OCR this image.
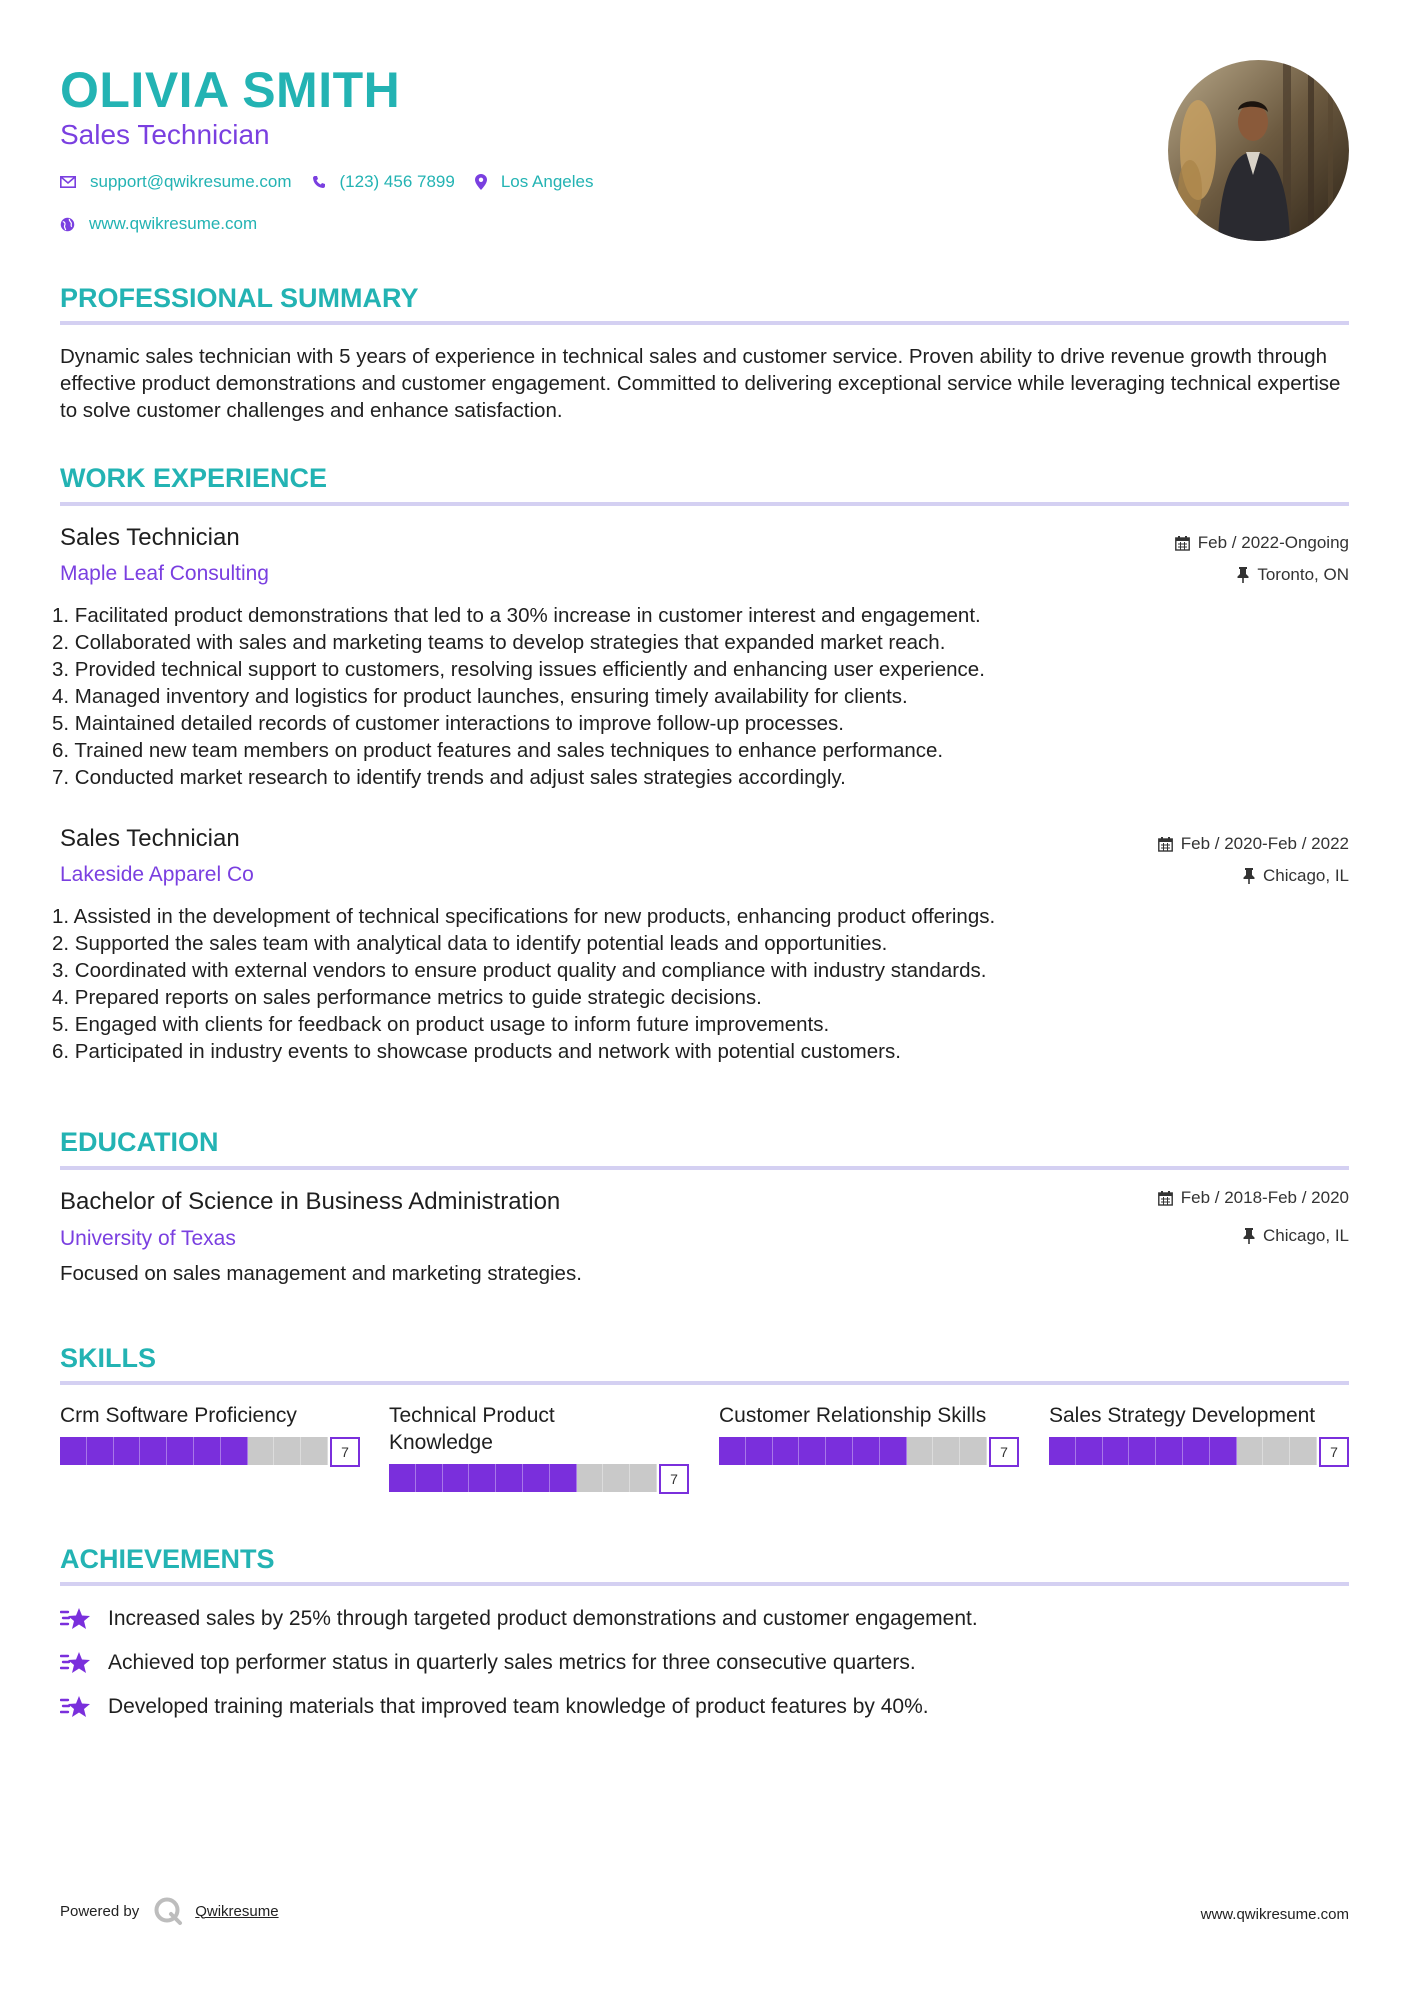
OLIVIA SMITH
Sales Technician
support@qwikresume.com	(123) 456 7899	Los Angeles
www.qwikresume.com
PROFESSIONAL SUMMARY
Dynamic sales technician with 5 years of experience in technical sales and customer service. Proven ability to drive revenue growth through effective product demonstrations and customer engagement. Committed to delivering exceptional service while leveraging technical expertise to solve customer challenges and enhance satisfaction.
WORK EXPERIENCE
Sales Technician
Maple Leaf Consulting
Feb / 2022-Ongoing
Toronto, ON
1. Facilitated product demonstrations that led to a 30% increase in customer interest and engagement.
2. Collaborated with sales and marketing teams to develop strategies that expanded market reach.
3. Provided technical support to customers, resolving issues efficiently and enhancing user experience.
4. Managed inventory and logistics for product launches, ensuring timely availability for clients.
5. Maintained detailed records of customer interactions to improve follow-up processes.
6. Trained new team members on product features and sales techniques to enhance performance.
7. Conducted market research to identify trends and adjust sales strategies accordingly.
Sales Technician
Lakeside Apparel Co
Feb / 2020-Feb / 2022
Chicago, IL
1. Assisted in the development of technical specifications for new products, enhancing product offerings.
2. Supported the sales team with analytical data to identify potential leads and opportunities.
3. Coordinated with external vendors to ensure product quality and compliance with industry standards.
4. Prepared reports on sales performance metrics to guide strategic decisions.
5. Engaged with clients for feedback on product usage to inform future improvements.
6. Participated in industry events to showcase products and network with potential customers.
EDUCATION
Bachelor of Science in Business Administration
University of Texas
Feb / 2018-Feb / 2020
Chicago, IL
Focused on sales management and marketing strategies.
SKILLS
Crm Software Proficiency
7
Technical Product Knowledge
7
Customer Relationship Skills
7
Sales Strategy Development
7
ACHIEVEMENTS
Increased sales by 25% through targeted product demonstrations and customer engagement.
Achieved top performer status in quarterly sales metrics for three consecutive quarters.
Developed training materials that improved team knowledge of product features by 40%.
Powered by	Qwikresume	www.qwikresume.com
